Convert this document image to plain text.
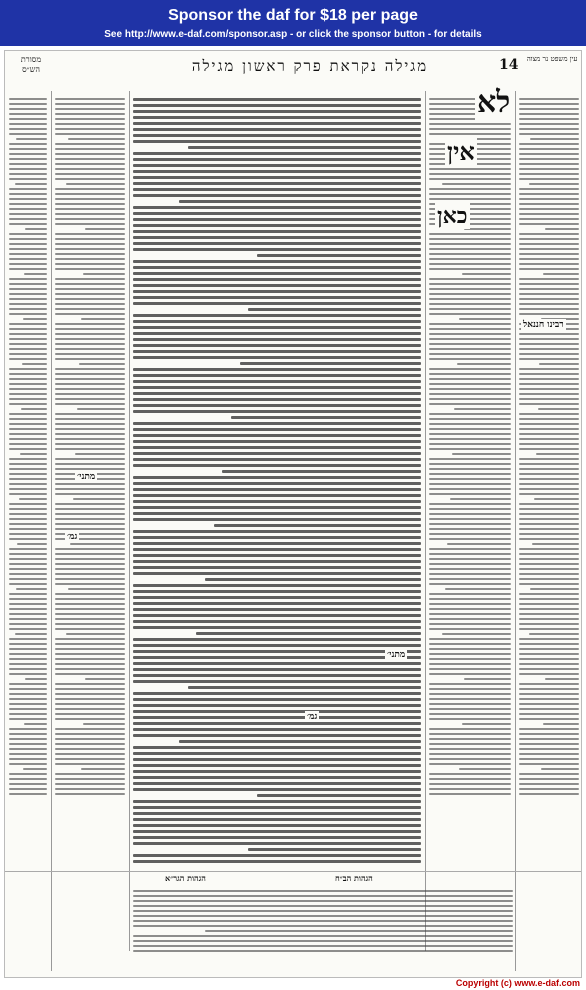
Sponsor the daf for $18 per page
See http://www.e-daf.com/sponsor.asp - or click the sponsor button - for details
מסורת הש״ס	מגילה נקראת פרק ראשון מגילה	14 עין משפט נר מצוה
לא
אין
כאן
רבינו חננאל
מתני׳
גמ׳
מתני׳
גמ׳
הגהות הב״ח
הגהות הגר״א
Copyright (c) www.e-daf.com
